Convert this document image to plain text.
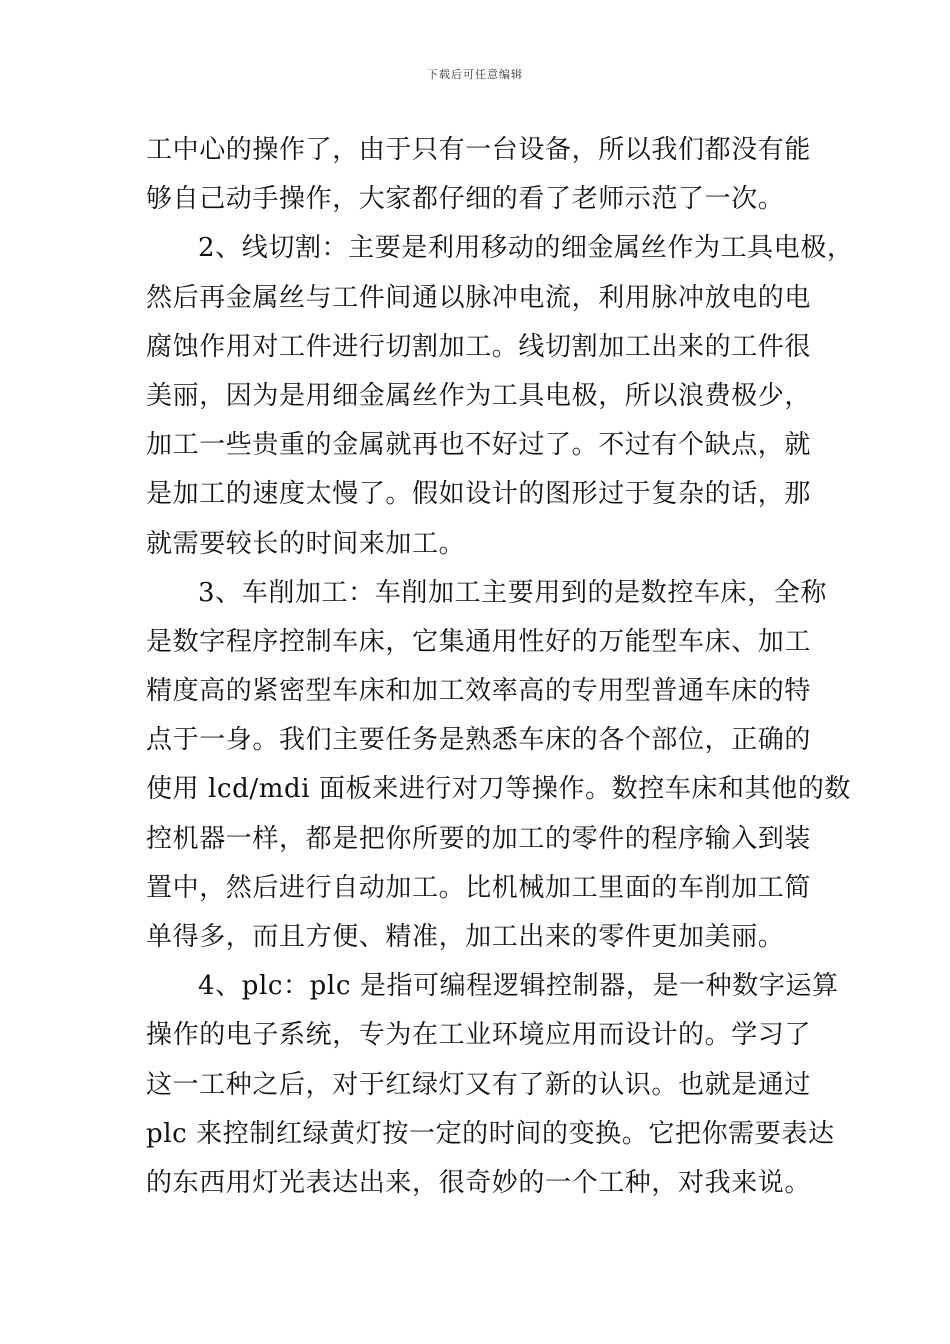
下载后可任意编辑
工中心的操作了，由于只有一台设备，所以我们都没有能
够自己动手操作，大家都仔细的看了老师示范了一次。
2、线切割：主要是利用移动的细金属丝作为工具电极，
然后再金属丝与工件间通以脉冲电流，利用脉冲放电的电
腐蚀作用对工件进行切割加工。线切割加工出来的工件很
美丽，因为是用细金属丝作为工具电极，所以浪费极少，
加工一些贵重的金属就再也不好过了。不过有个缺点，就
是加工的速度太慢了。假如设计的图形过于复杂的话，那
就需要较长的时间来加工。
3、车削加工：车削加工主要用到的是数控车床，全称
是数字程序控制车床，它集通用性好的万能型车床、加工
精度高的紧密型车床和加工效率高的专用型普通车床的特
点于一身。我们主要任务是熟悉车床的各个部位，正确的
使用 lcd/mdi 面板来进行对刀等操作。数控车床和其他的数
控机器一样，都是把你所要的加工的零件的程序输入到装
置中，然后进行自动加工。比机械加工里面的车削加工简
单得多，而且方便、精准，加工出来的零件更加美丽。
4、plc：plc 是指可编程逻辑控制器，是一种数字运算
操作的电子系统，专为在工业环境应用而设计的。学习了
这一工种之后，对于红绿灯又有了新的认识。也就是通过
plc 来控制红绿黄灯按一定的时间的变换。它把你需要表达
的东西用灯光表达出来，很奇妙的一个工种，对我来说。
